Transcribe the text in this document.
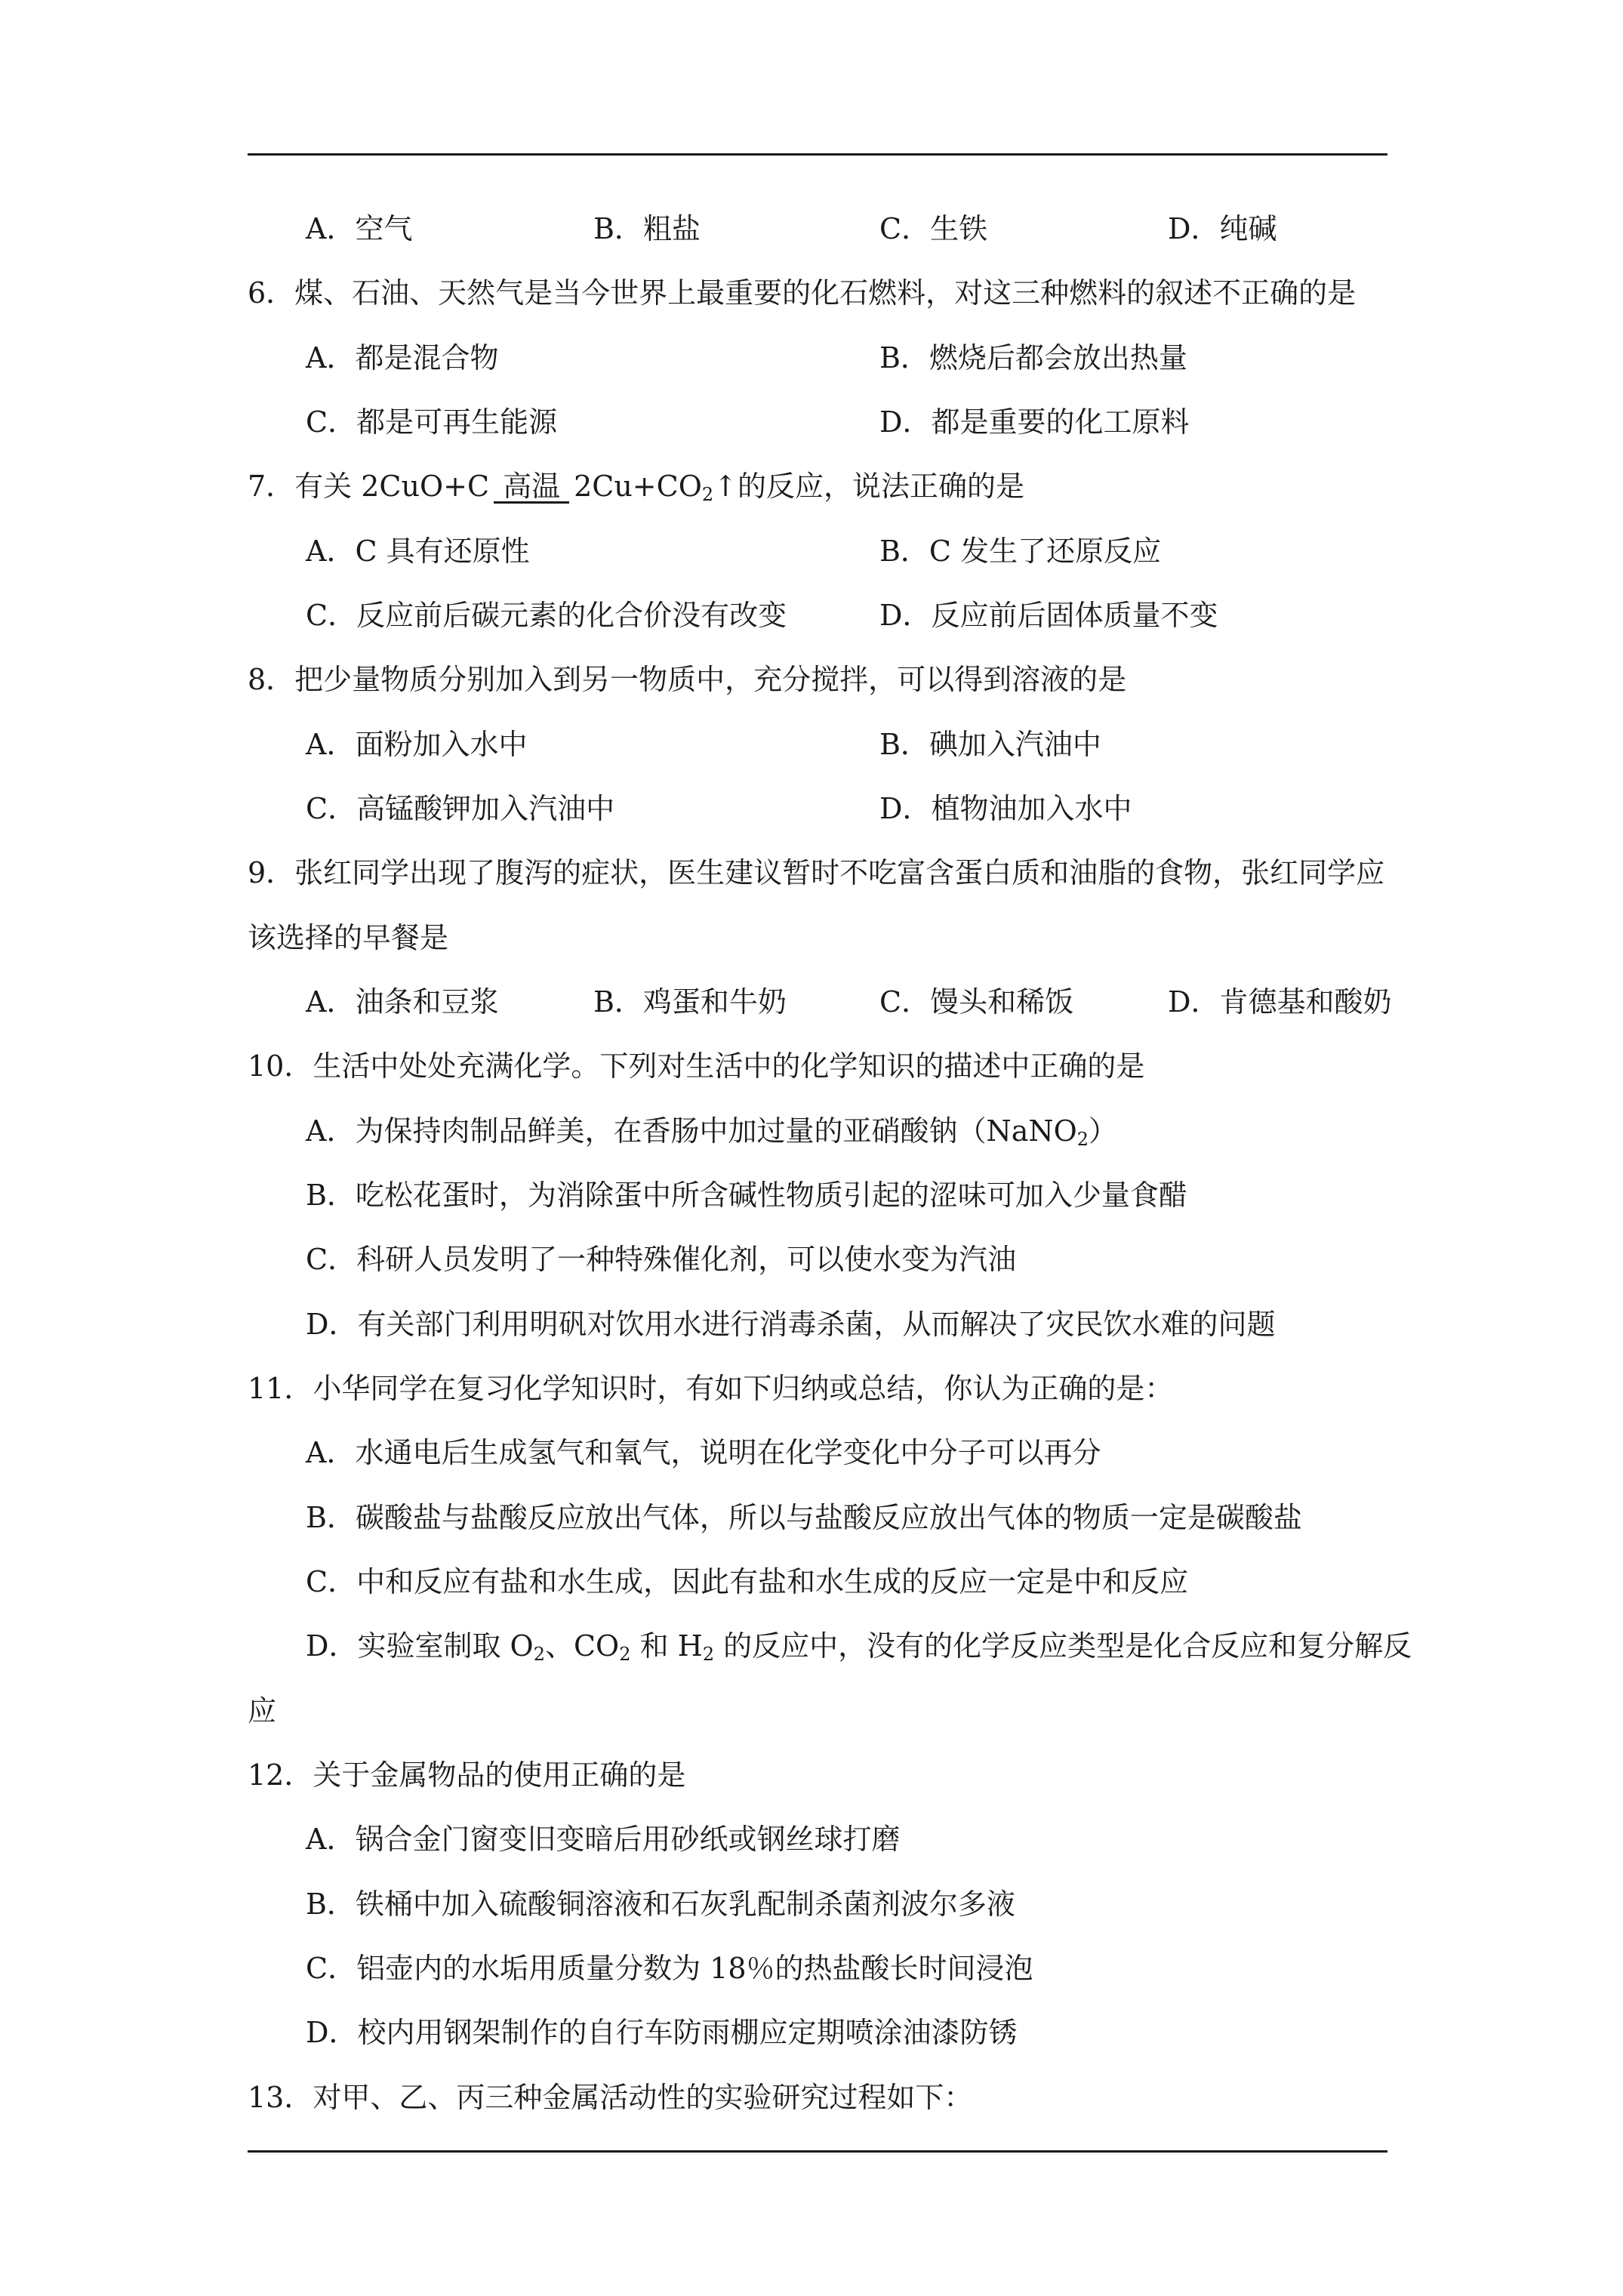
A．空气	B．粗盐	C．生铁	D．纯碱
6．煤、石油、天然气是当今世界上最重要的化石燃料，对这三种燃料的叙述不正确的是
A．都是混合物	B．燃烧后都会放出热量
C．都是可再生能源	D．都是重要的化工原料
7．有关 2CuO+C 高温 $2Cu+CO_2↑$的反应，说法正确的是
A．C 具有还原性	B．C 发生了还原反应
C．反应前后碳元素的化合价没有改变	D．反应前后固体质量不变
8．把少量物质分别加入到另一物质中，充分搅拌，可以得到溶液的是
A．面粉加入水中	B．碘加入汽油中
C．高锰酸钾加入汽油中	D．植物油加入水中
9．张红同学出现了腹泻的症状，医生建议暂时不吃富含蛋白质和油脂的食物，张红同学应
该选择的早餐是
A．油条和豆浆	B．鸡蛋和牛奶	C．馒头和稀饭	D．肯德基和酸奶
10．生活中处处充满化学。下列对生活中的化学知识的描述中正确的是
A．为保持肉制品鲜美，在香肠中加过量的亚硝酸钠（NaNO$_2$）
B．吃松花蛋时，为消除蛋中所含碱性物质引起的涩味可加入少量食醋
C．科研人员发明了一种特殊催化剂，可以使水变为汽油
D．有关部门利用明矾对饮用水进行消毒杀菌，从而解决了灾民饮水难的问题
11．小华同学在复习化学知识时，有如下归纳或总结，你认为正确的是：
A．水通电后生成氢气和氧气，说明在化学变化中分子可以再分
B．碳酸盐与盐酸反应放出气体，所以与盐酸反应放出气体的物质一定是碳酸盐
C．中和反应有盐和水生成，因此有盐和水生成的反应一定是中和反应
D．实验室制取 $O_2$、$CO_2$ 和 $H_2$ 的反应中，没有的化学反应类型是化合反应和复分解反
应
12．关于金属物品的使用正确的是
A．锅合金门窗变旧变暗后用砂纸或钢丝球打磨
B．铁桶中加入硫酸铜溶液和石灰乳配制杀菌剂波尔多液
C．铝壶内的水垢用质量分数为 18％的热盐酸长时间浸泡
D．校内用钢架制作的自行车防雨棚应定期喷涂油漆防锈
13．对甲、乙、丙三种金属活动性的实验研究过程如下：
